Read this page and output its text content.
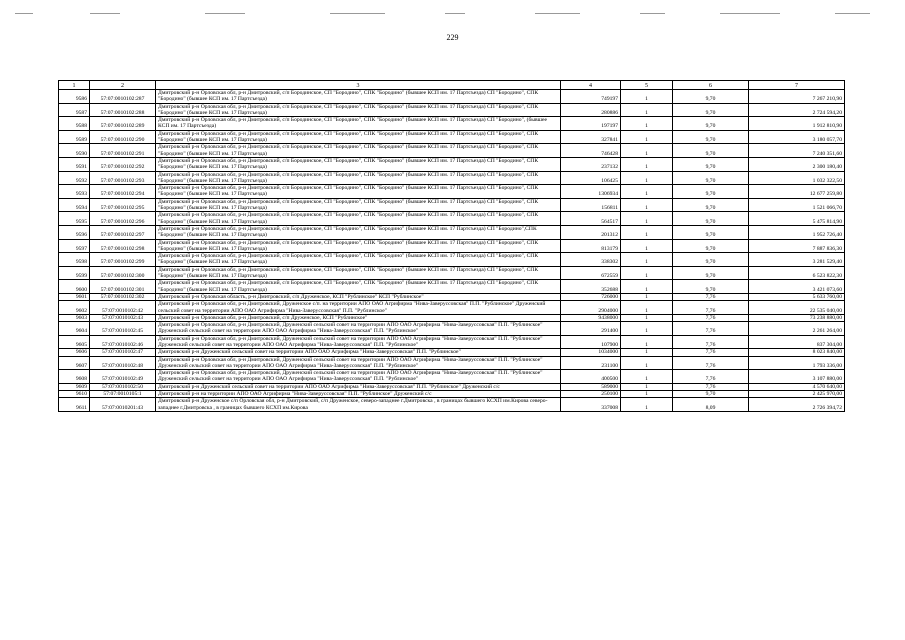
229
1	2	3	4	5	6	7
9586	57:07:0010102:287	Дмитровский р-н Орловская обл, р-н Дмитровский, с/п Бородинское, СП "Бородино", СПК "Бородино" (бывшее КСП им. 17 Партсъезда) СП "Бородино", СПК "Бородино" (бывшее КСП им. 17 Партсъезда)	749197	1	9,70	7 267 210,90
9587	57:07:0010102:288	Дмитровский р-н Орловская обл, р-н Дмитровский, с/п Бородинское, СП "Бородино", СПК "Бородино" (бывшее КСП им. 17 Партсъезда) СП "Бородино", СПК "Бородино" (бывшее КСП им. 17 Партсъезда)	280886	1	9,70	2 724 594,20
9588	57:07:0010102:289	Дмитровский р-н Орловская обл, р-н Дмитровский, с/п Бородинское, СП "Бородино", СПК "Бородино" (бывшее КСП им. 17 Партсъезда) СП "Бородино", (бывшее КСП им. 17 Партсъезда)	197197	1	9,70	1 912 810,90
9589	57:07:0010102:290	Дмитровский р-н Орловская обл, р-н Дмитровский, с/п Бородинское, СП "Бородино", СПК "Бородино" (бывшее КСП им. 17 Партсъезда) СП "Бородино", СПК "Бородино" (бывшее КСП им. 17 Партсъезда)	327841	1	9,70	3 180 057,70
9590	57:07:0010102:291	Дмитровский р-н Орловская обл, р-н Дмитровский, с/п Бородинское, СП "Бородино", СПК "Бородино" (бывшее КСП им. 17 Партсъезда) СП "Бородино", СПК "Бородино" (бывшее КСП им. 17 Партсъезда)	746428	1	9,70	7 240 351,60
9591	57:07:0010102:292	Дмитровский р-н Орловская обл, р-н Дмитровский, с/п Бородинское, СП "Бородино", СПК "Бородино" (бывшее КСП им. 17 Партсъезда) СП "Бородино", СПК "Бородино" (бывшее КСП им. 17 Партсъезда)	237132	1	9,70	2 300 180,40
9592	57:07:0010102:293	Дмитровский р-н Орловская обл, р-н Дмитровский, с/п Бородинское, СП "Бородино", СПК "Бородино" (бывшее КСП им. 17 Партсъезда) СП "Бородино", СПК "Бородино" (бывшее КСП им. 17 Партсъезда)	106425	1	9,70	1 032 322,50
9593	57:07:0010102:294	Дмитровский р-н Орловская обл, р-н Дмитровский, с/п Бородинское, СП "Бородино", СПК "Бородино" (бывшее КСП им. 17 Партсъезда) СП "Бородино", СПК "Бородино" (бывшее КСП им. 17 Партсъезда)	1306934	1	9,70	12 677 259,80
9594	57:07:0010102:295	Дмитровский р-н Орловская обл, р-н Дмитровский, с/п Бородинское, СП "Бородино", СПК "Бородино" (бывшее КСП им. 17 Партсъезда) СП "Бородино", СПК "Бородино" (бывшее КСП им. 17 Партсъезда)	156811	1	9,70	1 521 066,70
9595	57:07:0010102:296	Дмитровский р-н Орловская обл, р-н Дмитровский, с/п Бородинское, СП "Бородино", СПК "Бородино" (бывшее КСП им. 17 Партсъезда) СП "Бородино", СПК "Бородино" (бывшее КСП им. 17 Партсъезда)	564517	1	9,70	5 475 814,90
9596	57:07:0010102:297	Дмитровский р-н Орловская обл, р-н Дмитровский, с/п Бородинское, СП "Бородино", СПК "Бородино" (бывшее КСП им. 17 Партсъезда) СП "Бородино",СПК "Бородино" (бывшее КСП им. 17 Партсъезда)	201312	1	9,70	1 952 726,40
9597	57:07:0010102:298	Дмитровский р-н Орловская обл, р-н Дмитровский, с/п Бородинское, СП "Бородино", СПК "Бородино" (бывшее КСП им. 17 Партсъезда) СП "Бородино", СПК "Бородино" (бывшее КСП им. 17 Партсъезда)	813179	1	9,70	7 887 836,30
9598	57:07:0010102:299	Дмитровский р-н Орловская обл, р-н Дмитровский, с/п Бородинское, СП "Бородино", СПК "Бородино" (бывшее КСП им. 17 Партсъезда) СП "Бородино", СПК "Бородино" (бывшее КСП им. 17 Партсъезда)	338302	1	9,70	3 281 529,40
9599	57:07:0010102:300	Дмитровский р-н Орловская обл, р-н Дмитровский, с/п Бородинское, СП "Бородино", СПК "Бородино" (бывшее КСП им. 17 Партсъезда) СП "Бородино", СПК "Бородино" (бывшее КСП им. 17 Партсъезда)	672559	1	9,70	6 523 822,30
9600	57:07:0010102:301	Дмитровский р-н Орловская обл, р-н Дмитровский, с/п Бородинское, СП "Бородино", СПК "Бородино" (бывшее КСП им. 17 Партсъезда) СП "Бородино", СПК "Бородино" (бывшее КСП им. 17 Партсъезда)	352688	1	9,70	3 421 073,60
9601	57:07:0010102:302	Дмитровский р-н Орловская область, р-н Дмитровский, с/п Друженское, КСП "Рублинское" КСП "Рублинское"	726000	1	7,76	5 633 760,00
9602	57:07:0010102:42	Дмитровский р-н Орловская обл, р-н Дмитровский, Друженское с/п. на территории АПО ОАО Агрифирма "Нива-Заверуссовская" П.П. "Рублинское" Друженский сельский совет на территории АПО ОАО Агрифирма "Нива-Заверуссовская" П.П. "Рублинское"	2904000	1	7,76	22 535 040,00
9603	57:07:0010102:43	Дмитровский р-н Орловская обл, р-н Дмитровский, с/п Друженское, КСП "Рублинское"	9438000	1	7,76	73 238 880,00
9604	57:07:0010102:45	Дмитровский р-н Орловская обл, р-н Дмитровский, Друженский сельский совет на территории АПО ОАО Агрифирма "Нива-Заверуссовская" П.П. "Рублинское" Друженский сельский совет на территории АПО ОАО Агрифирма "Нива-Заверуссовская" П.П. "Рублинское"	291400	1	7,76	2 261 264,00
9605	57:07:0010102:46	Дмитровский р-н Орловская обл, р-н Дмитровский, Друженский сельский совет на территории АПО ОАО Агрифирма "Нива-Заверуссовская" П.П. "Рублинское" Друженский сельский совет на территории АПО ОАО Агрифирма "Нива-Заверуссовская" П.П. "Рублинское"	107900	1	7,76	837 304,00
9606	57:07:0010102:47	Дмитровский р-н Друженский сельский совет на территории АПО ОАО Агрифирма "Нива-Заверуссовская" П.П. "Рублинское"	1034000	1	7,76	8 023 840,00
9607	57:07:0010102:48	Дмитровский р-н Орловская обл, р-н Дмитровский, Друженский сельский совет на территории АПО ОАО Агрифирма "Нива-Заверуссовская" П.П. "Рублинское" Друженский сельский совет на территории АПО ОАО Агрифирма "Нива-Заверуссовская" П.П. "Рублинское"	231100	1	7,76	1 793 336,00
9608	57:07:0010102:49	Дмитровский р-н Орловская обл, р-н Дмитровский, Друженский сельский совет на территории АПО ОАО Агрифирма "Нива-Заверуссовская" П.П. "Рублинское" Друженский сельский совет на территории АПО ОАО Агрифирма "Нива-Заверуссовская" П.П. "Рублинское"	400500	1	7,76	3 107 880,00
9609	57:07:0010102:50	Дмитровский р-н Друженский сельский совет на территории АПО ОАО Агрифирма "Нива-Заверуссовская" П.П. "Рублинское" Друженский с/с	589000	1	7,76	4 570 640,00
9610	57:07:0010105:1	Дмитровский р-н на территории АПО ОАО Агрифирма "Нива-Заверуссовская" П.П. "Рублинское" Друженский с/с	250100	1	9,70	2 425 970,00
9611	57:07:0010201:43	Дмитровский р-н Друженское с/п Орловская обл, р-н Дмитровский, с/п Друженское, северо-западнее г.Дмитровска , в границах бывшего КСХП им.Кирова северо-западнее г.Дмитровска , в границах бывшего КСХП им.Кирова	337008	1	8,09	2 726 394,72
